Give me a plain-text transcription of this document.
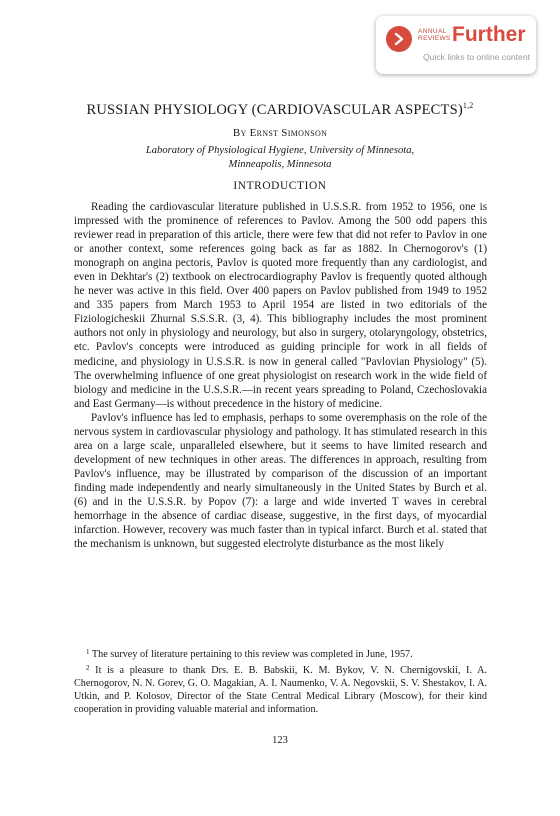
ANNUAL
REVIEWS Further
Quick links to online content
RUSSIAN PHYSIOLOGY (CARDIOVASCULAR ASPECTS)$^{1,2}$
By Ernst Simonson
Laboratory of Physiological Hygiene, University of Minnesota,
Minneapolis, Minnesota
INTRODUCTION

Reading the cardiovascular literature published in U.S.S.R. from 1952 to 1956, one is impressed with the prominence of references to Pavlov. Among the 500 odd papers this reviewer read in preparation of this article, there were few that did not refer to Pavlov in one or another context, some references going back as far as 1882. In Chernogorov's (1) monograph on angina pectoris, Pavlov is quoted more frequently than any cardiologist, and even in Dekhtar's (2) textbook on electrocardiography Pavlov is frequently quoted although he never was active in this field. Over 400 papers on Pavlov published from 1949 to 1952 and 335 papers from March 1953 to April 1954 are listed in two editorials of the Fiziologicheskii Zhurnal S.S.S.R. (3, 4). This bibliography includes the most prominent authors not only in physiology and neurology, but also in surgery, otolaryngology, obstetrics, etc. Pavlov's concepts were introduced as guiding principle for work in all fields of medicine, and physiology in U.S.S.R. is now in general called "Pavlovian Physiology" (5). The overwhelming influence of one great physiologist on research work in the wide field of biology and medicine in the U.S.S.R.—in recent years spreading to Poland, Czechoslovakia and East Germany—is without precedence in the history of medicine.

Pavlov's influence has led to emphasis, perhaps to some overemphasis on the role of the nervous system in cardiovascular physiology and pathology. It has stimulated research in this area on a large scale, unparalleled elsewhere, but it seems to have limited research and development of new techniques in other areas. The differences in approach, resulting from Pavlov's influence, may be illustrated by comparison of the discussion of an important finding made independently and nearly simultaneously in the United States by Burch et al. (6) and in the U.S.S.R. by Popov (7): a large and wide inverted T waves in cerebral hemorrhage in the absence of cardiac disease, suggestive, in the first days, of myocardial infarction. However, recovery was much faster than in typical infarct. Burch et al. stated that the mechanism is unknown, but suggested electrolyte disturbance as the most likely

$^1$ The survey of literature pertaining to this review was completed in June, 1957.

$^2$ It is a pleasure to thank Drs. E. B. Babskii, K. M. Bykov, V. N. Chernigovskii, I. A. Chernogorov, N. N. Gorev, G. O. Magakian, A. I. Naumenko, V. A. Negovskii, S. V. Shestakov, I. A. Utkin, and P. Kolosov, Director of the State Central Medical Library (Moscow), for their kind cooperation in providing valuable material and information.

123
